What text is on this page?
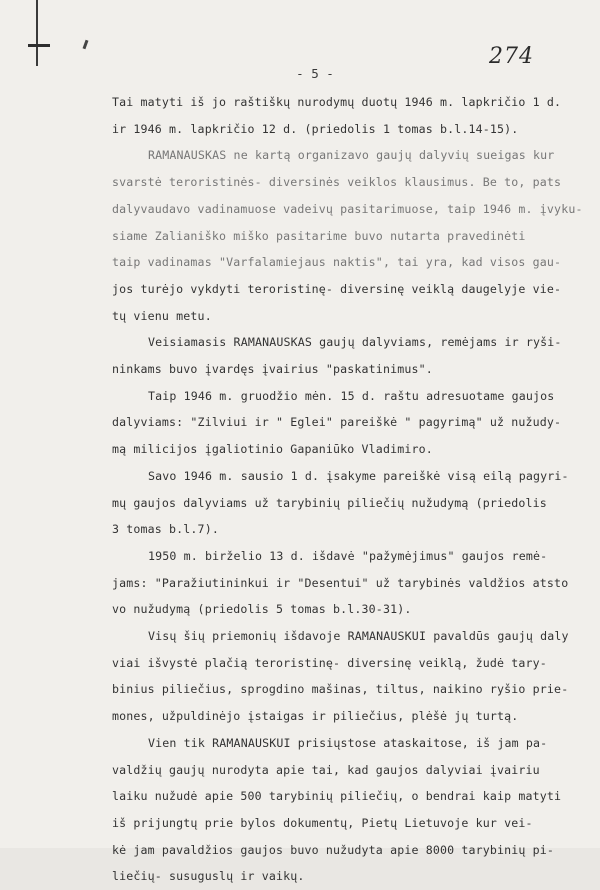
274
- 5 -
Tai matyti iš jo raštiškų nurodymų duotų 1946 m. lapkričio 1 d.
ir 1946 m. lapkričio 12 d. (priedolis 1 tomas b.l.14-15).
RAMANAUSKAS ne kartą organizavo gaujų dalyvių sueigas kur
svarstė teroristinės- diversinės veiklos klausimus. Be to, pats
dalyvaudavo vadinamuose vadeivų pasitarimuose, taip 1946 m. įvyku-
siame Zalianiško miško pasitarime buvo nutarta pravedinėti
taip vadinamas "Varfalamiejaus naktis", tai yra, kad visos gau-
jos turėjo vykdyti teroristinę- diversinę veiklą daugelyje vie-
tų vienu metu.
Veisiamasis RAMANAUSKAS gaujų dalyviams, remėjams ir ryši-
ninkams buvo įvardęs įvairius "paskatinimus".
Taip 1946 m. gruodžio mėn. 15 d. raštu adresuotame gaujos
dalyviams: "Zilviui ir " Eglei" pareiškė " pagyrimą" už nužudy-
mą milicijos įgaliotinio Gapaniūko Vladimiro.
Savo 1946 m. sausio 1 d. įsakyme pareiškė visą eilą pagyri-
mų gaujos dalyviams už tarybinių piliečių nužudymą (priedolis
3 tomas b.l.7).
1950 m. birželio 13 d. išdavė "pažymėjimus" gaujos remė-
jams: "Paražiutininkui ir "Desentui" už tarybinės valdžios atsto
vo nužudymą (priedolis 5 tomas b.l.30-31).
Visų šių priemonių išdavoje RAMANAUSKUI pavaldūs gaujų daly
viai išvystė plačią teroristinę- diversinę veiklą, žudė tary-
binius piliečius, sprogdino mašinas, tiltus, naikino ryšio prie-
mones, užpuldinėjo įstaigas ir piliečius, plėšė jų turtą.
Vien tik RAMANAUSKUI prisiųstose ataskaitose, iš jam pa-
valdžių gaujų nurodyta apie tai, kad gaujos dalyviai įvairiu
laiku nužudė apie 500 tarybinių piliečių, o bendrai kaip matyti
iš prijungtų prie bylos dokumentų, Pietų Lietuvoje kur vei-
kė jam pavaldžios gaujos buvo nužudyta apie 8000 tarybinių pi-
liečių- susuguslų ir vaikų.
